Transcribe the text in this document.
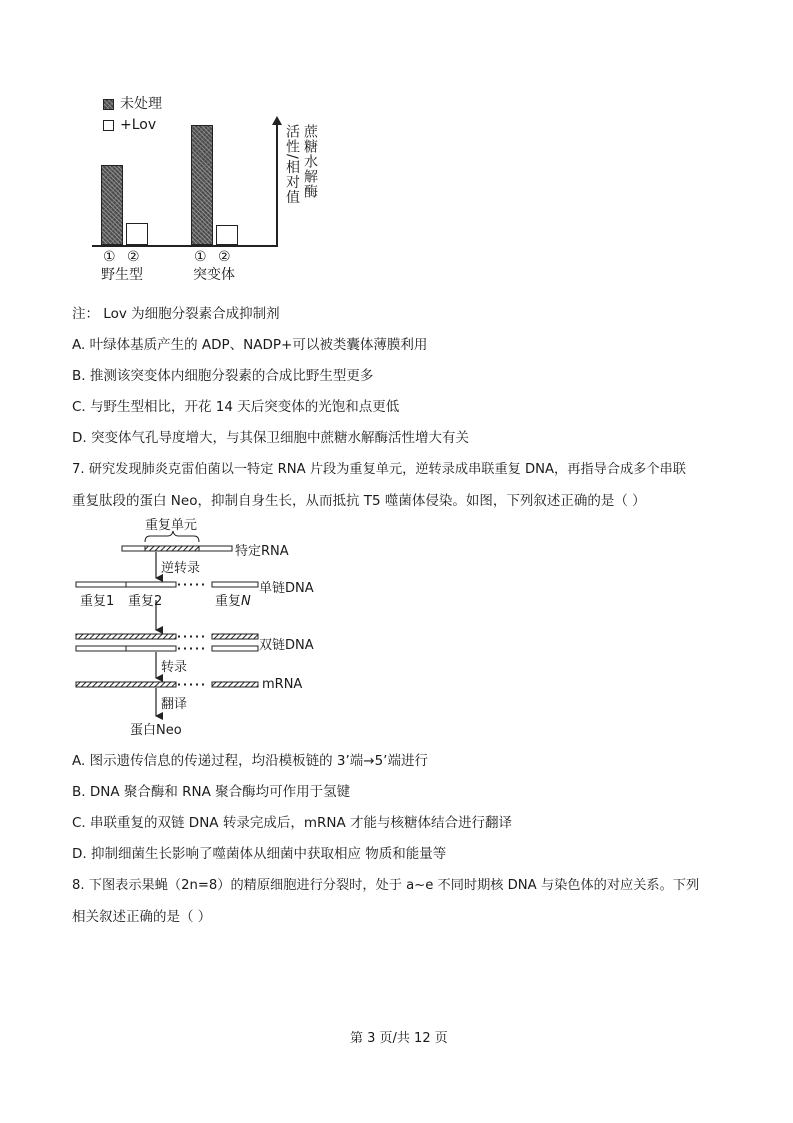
未处理
+Lov	蔗糖水解酶
活性/相对值
① ②
野生型
① ②
突变体
注： Lov 为细胞分裂素合成抑制剂
A. 叶绿体基质产生的 ADP、NADP+可以被类囊体薄膜利用
B. 推测该突变体内细胞分裂素的合成比野生型更多
C. 与野生型相比，开花 14 天后突变体的光饱和点更低
D. 突变体气孔导度增大，与其保卫细胞中蔗糖水解酶活性增大有关
7. 研究发现肺炎克雷伯菌以一特定 RNA 片段为重复单元，逆转录成串联重复 DNA，再指导合成多个串联
重复肽段的蛋白 Neo，抑制自身生长，从而抵抗 T5 噬菌体侵染。如图，下列叙述正确的是（ ）
重复单元
特定RNA
逆转录
单链DNA
重复1 重复2	重复N
双链DNA
转录
mRNA
翻译
蛋白Neo
A. 图示遗传信息的传递过程，均沿模板链的 3’端→5’端进行
B. DNA 聚合酶和 RNA 聚合酶均可作用于氢键
C. 串联重复的双链 DNA 转录完成后，mRNA 才能与核糖体结合进行翻译
D. 抑制细菌生长影响了噬菌体从细菌中获取相应 物质和能量等
8. 下图表示果蝇（2n=8）的精原细胞进行分裂时，处于 a~e 不同时期核 DNA 与染色体的对应关系。下列
相关叙述正确的是（ ）
第 3 页/共 12 页
